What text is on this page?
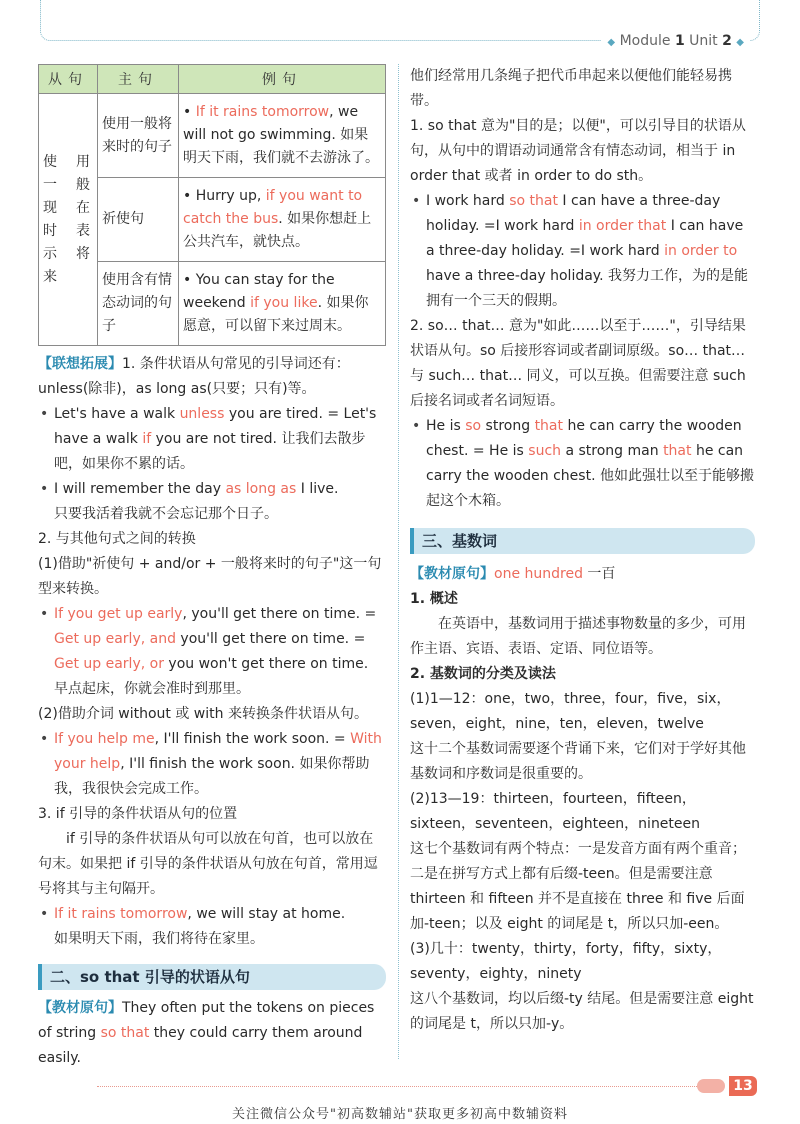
◆ Module 1 Unit 2 ◆
从句	主句	例句
使用一般现在时表示将来	使用一般将来时的句子	• If it rains tomorrow, we will not go swimming. 如果明天下雨，我们就不去游泳了。
	祈使句	• Hurry up, if you want to catch the bus. 如果你想赶上公共汽车，就快点。
	使用含有情态动词的句子	• You can stay for the weekend if you like. 如果你愿意，可以留下来过周末。

【联想拓展】1. 条件状语从句常见的引导词还有：unless(除非)，as long as(只要；只有)等。

• Let's have a walk unless you are tired. = Let's have a walk if you are not tired. 让我们去散步吧，如果你不累的话。

• I will remember the day as long as I live.

只要我活着我就不会忘记那个日子。

2. 与其他句式之间的转换

(1)借助"祈使句 + and/or + 一般将来时的句子"这一句型来转换。

• If you get up early, you'll get there on time. = Get up early, and you'll get there on time. = Get up early, or you won't get there on time. 早点起床，你就会准时到那里。

(2)借助介词 without 或 with 来转换条件状语从句。

• If you help me, I'll finish the work soon. = With your help, I'll finish the work soon. 如果你帮助我，我很快会完成工作。

3. if 引导的条件状语从句的位置

if 引导的条件状语从句可以放在句首，也可以放在句末。如果把 if 引导的条件状语从句放在句首，常用逗号将其与主句隔开。

• If it rains tomorrow, we will stay at home.

如果明天下雨，我们将待在家里。

二、so that 引导的状语从句

【教材原句】They often put the tokens on pieces of string so that they could carry them around easily.

他们经常用几条绳子把代币串起来以便他们能轻易携带。

1. so that 意为"目的是；以便"，可以引导目的状语从句，从句中的谓语动词通常含有情态动词，相当于 in order that 或者 in order to do sth。

• I work hard so that I can have a three-day holiday. =I work hard in order that I can have a three-day holiday. =I work hard in order to have a three-day holiday. 我努力工作，为的是能拥有一个三天的假期。

2. so… that… 意为"如此……以至于……"，引导结果状语从句。so 后接形容词或者副词原级。so… that… 与 such… that… 同义，可以互换。但需要注意 such 后接名词或者名词短语。

• He is so strong that he can carry the wooden chest. = He is such a strong man that he can carry the wooden chest. 他如此强壮以至于能够搬起这个木箱。

三、基数词

【教材原句】one hundred 一百

1. 概述

在英语中，基数词用于描述事物数量的多少，可用作主语、宾语、表语、定语、同位语等。

2. 基数词的分类及读法

(1)1—12：one，two，three，four，five，six，seven，eight，nine，ten，eleven，twelve

这十二个基数词需要逐个背诵下来，它们对于学好其他基数词和序数词是很重要的。

(2)13—19：thirteen，fourteen，fifteen，sixteen，seventeen，eighteen，nineteen

这七个基数词有两个特点：一是发音方面有两个重音；二是在拼写方式上都有后缀-teen。但是需要注意 thirteen 和 fifteen 并不是直接在 three 和 five 后面加-teen；以及 eight 的词尾是 t，所以只加-een。

(3)几十：twenty，thirty，forty，fifty，sixty，seventy，eighty，ninety

这八个基数词，均以后缀-ty 结尾。但是需要注意 eight 的词尾是 t，所以只加-y。

13
关注微信公众号"初高数辅站"获取更多初高中数辅资料
